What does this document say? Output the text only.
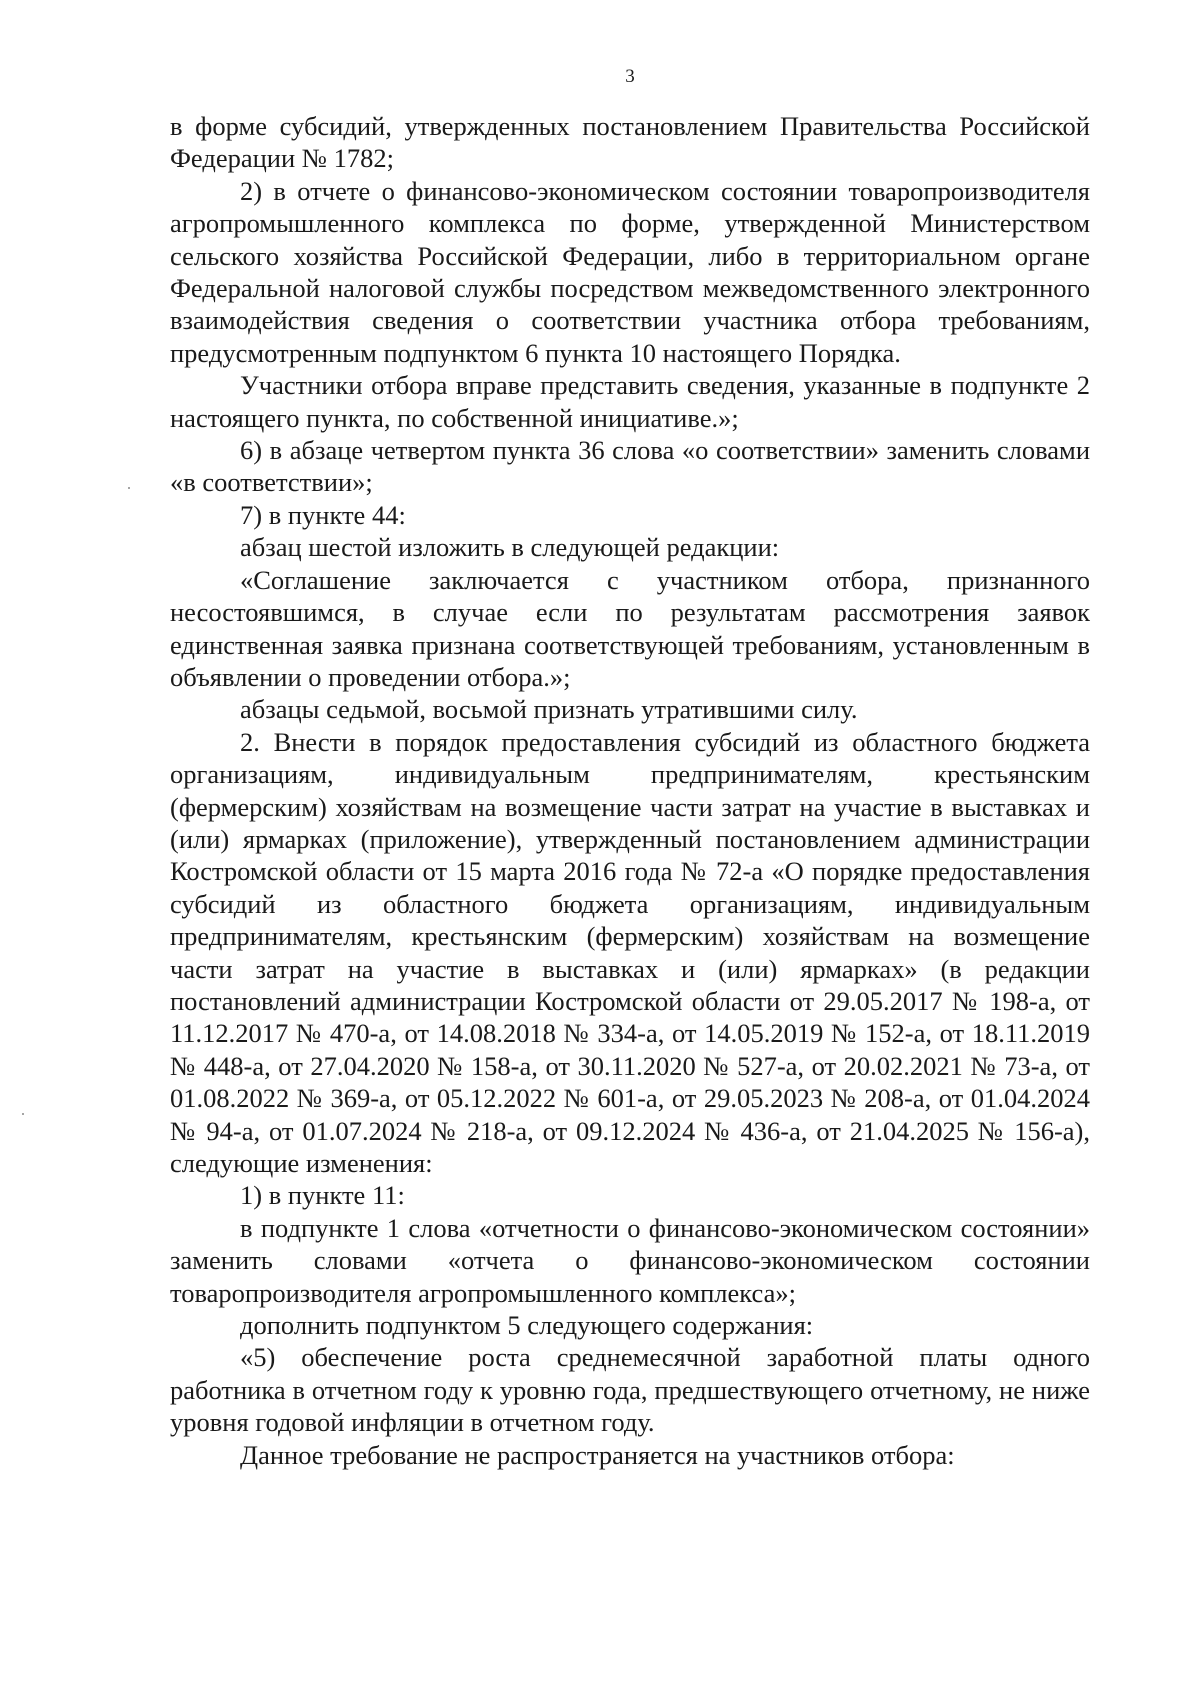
3

в форме субсидий, утвержденных постановлением Правительства Российской Федерации № 1782;

2) в отчете о финансово-экономическом состоянии товаропроизводителя агропромышленного комплекса по форме, утвержденной Министерством сельского хозяйства Российской Федерации, либо в территориальном органе Федеральной налоговой службы посредством межведомственного электронного взаимодействия сведения о соответствии участника отбора требованиям, предусмотренным подпунктом 6 пункта 10 настоящего Порядка.

Участники отбора вправе представить сведения, указанные в подпункте 2 настоящего пункта, по собственной инициативе.»;

6) в абзаце четвертом пункта 36 слова «о соответствии» заменить словами «в соответствии»;

7) в пункте 44:

абзац шестой изложить в следующей редакции:

«Соглашение заключается с участником отбора, признанного несостоявшимся, в случае если по результатам рассмотрения заявок единственная заявка признана соответствующей требованиям, установленным в объявлении о проведении отбора.»;

абзацы седьмой, восьмой признать утратившими силу.

2. Внести в порядок предоставления субсидий из областного бюджета организациям, индивидуальным предпринимателям, крестьянским (фермерским) хозяйствам на возмещение части затрат на участие в выставках и (или) ярмарках (приложение), утвержденный постановлением администрации Костромской области от 15 марта 2016 года № 72-а «О порядке предоставления субсидий из областного бюджета организациям, индивидуальным предпринимателям, крестьянским (фермерским) хозяйствам на возмещение части затрат на участие в выставках и (или) ярмарках» (в редакции постановлений администрации Костромской области от 29.05.2017 № 198-а, от 11.12.2017 № 470-а, от 14.08.2018 № 334-а, от 14.05.2019 № 152-а, от 18.11.2019 № 448-а, от 27.04.2020 № 158-а, от 30.11.2020 № 527-а, от 20.02.2021 № 73-а, от 01.08.2022 № 369-а, от 05.12.2022 № 601-а, от 29.05.2023 № 208-а, от 01.04.2024 № 94-а, от 01.07.2024 № 218-а, от 09.12.2024 № 436-а, от 21.04.2025 № 156-а), следующие изменения:

1) в пункте 11:

в подпункте 1 слова «отчетности о финансово-экономическом состоянии» заменить словами «отчета о финансово-экономическом состоянии товаропроизводителя агропромышленного комплекса»;

дополнить подпунктом 5 следующего содержания:

«5) обеспечение роста среднемесячной заработной платы одного работника в отчетном году к уровню года, предшествующего отчетному, не ниже уровня годовой инфляции в отчетном году.

Данное требование не распространяется на участников отбора:
